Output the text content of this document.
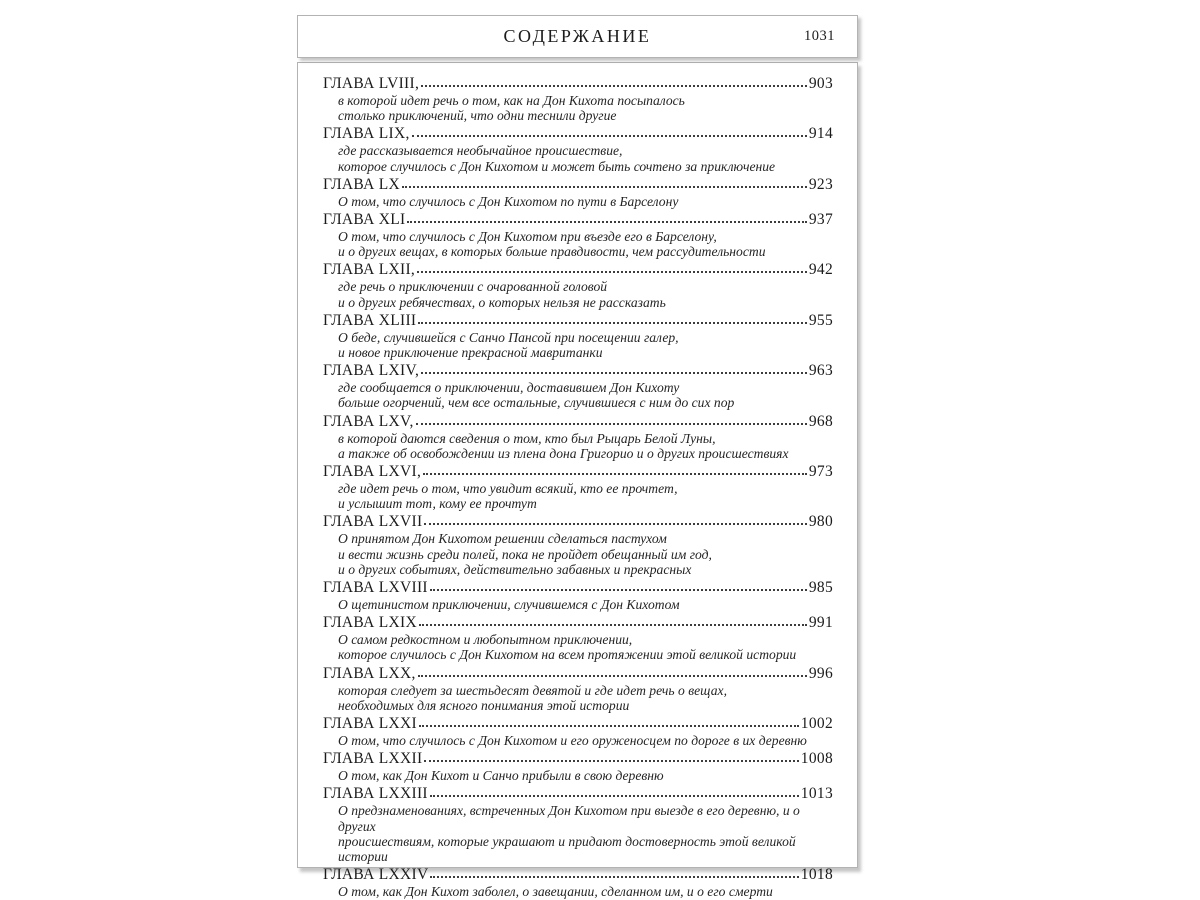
СОДЕРЖАНИЕ	1031
ГЛАВА LVIII,	903
в которой идет речь о том, как на Дон Кихота посыпалось
столько приключений, что одни теснили другие
ГЛАВА LIX,	914
где рассказывается необычайное происшествие,
которое случилось с Дон Кихотом и может быть сочтено за приключение
ГЛАВА LX	923
О том, что случилось с Дон Кихотом по пути в Барселону
ГЛАВА XLI	937
О том, что случилось с Дон Кихотом при въезде его в Барселону,
и о других вещах, в которых больше правдивости, чем рассудительности
ГЛАВА LXII,	942
где речь о приключении с очарованной головой
и о других ребячествах, о которых нельзя не рассказать
ГЛАВА XLIII	955
О беде, случившейся с Санчо Пансой при посещении галер,
и новое приключение прекрасной мавританки
ГЛАВА LXIV,	963
где сообщается о приключении, доставившем Дон Кихоту
больше огорчений, чем все остальные, случившиеся с ним до сих пор
ГЛАВА LXV,	968
в которой даются сведения о том, кто был Рыцарь Белой Луны,
а также об освобождении из плена дона Григорио и о других происшествиях
ГЛАВА LXVI,	973
где идет речь о том, что увидит всякий, кто ее прочтет,
и услышит тот, кому ее прочтут
ГЛАВА LXVII	980
О принятом Дон Кихотом решении сделаться пастухом
и вести жизнь среди полей, пока не пройдет обещанный им год,
и о других событиях, действительно забавных и прекрасных
ГЛАВА LXVIII	985
О щетинистом приключении, случившемся с Дон Кихотом
ГЛАВА LXIX	991
О самом редкостном и любопытном приключении,
которое случилось с Дон Кихотом на всем протяжении этой великой истории
ГЛАВА LXX,	996
которая следует за шестьдесят девятой и где идет речь о вещах,
необходимых для ясного понимания этой истории
ГЛАВА LXXI	1002
О том, что случилось с Дон Кихотом и его оруженосцем по дороге в их деревню
ГЛАВА LXXII	1008
О том, как Дон Кихот и Санчо прибыли в свою деревню
ГЛАВА LXXIII	1013
О предзнаменованиях, встреченных Дон Кихотом при выезде в его деревню, и о других
происшествиям, которые украшают и придают достоверность этой великой истории
ГЛАВА LXXIV	1018
О том, как Дон Кихот заболел, о завещании, сделанном им, и о его смерти
